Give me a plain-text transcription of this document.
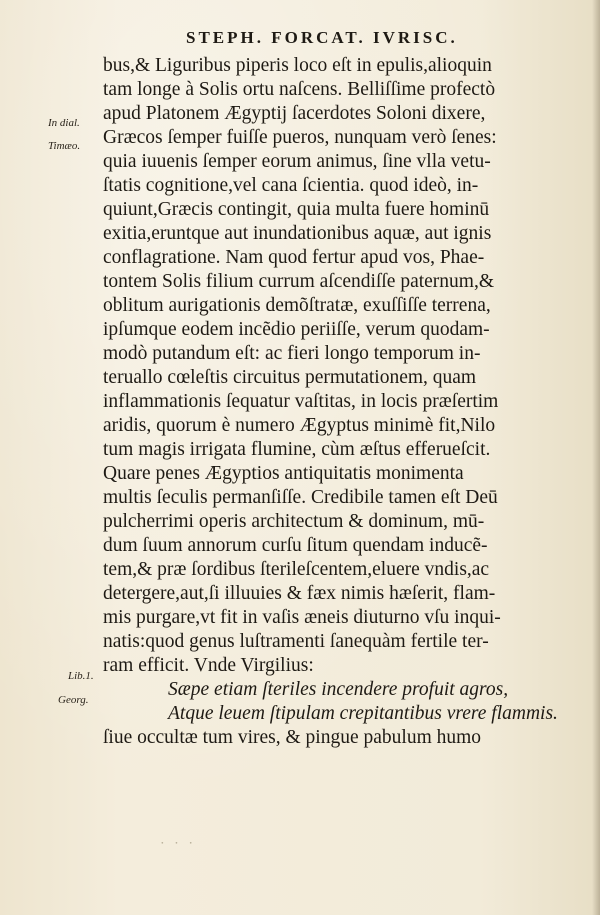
STEPH. FORCAT. IVRISC.
In dial.
Timæo.
Lib.1.
Georg.
bus,& Liguribus piperis loco eſt in epulis,alioquin
tam longe à Solis ortu naſcens. Belliſſime profectò
apud Platonem Ægyptij ſacerdotes Soloni dixere,
Græcos ſemper fuiſſe pueros, nunquam verò ſenes:
quia iuuenis ſemper eorum animus, ſine vlla vetu-
ſtatis cognitione,vel cana ſcientia. quod ideò, in-
quiunt,Græcis contingit, quia multa fuere hominū
exitia,eruntque aut inundationibus aquæ, aut ignis
conflagratione. Nam quod fertur apud vos, Phae-
tontem Solis filium currum aſcendiſſe paternum,&
oblitum aurigationis demõſtratæ, exuſſiſſe terrena,
ipſumque eodem incẽdio periiſſe, verum quodam-
modò putandum eſt: ac fieri longo temporum in-
teruallo cœleſtis circuitus permutationem, quam
inflammationis ſequatur vaſtitas, in locis præſertim
aridis, quorum è numero Ægyptus minimè fit,Nilo
tum magis irrigata flumine, cùm æſtus efferueſcit.
Quare penes Ægyptios antiquitatis monimenta
multis ſeculis permanſiſſe. Credibile tamen eſt Deū
pulcherrimi operis architectum & dominum, mū-
dum ſuum annorum curſu ſitum quendam inducẽ-
tem,& præ ſordibus ſterileſcentem,eluere vndis,ac
detergere,aut,ſi illuuies & fæx nimis hæſerit, flam-
mis purgare,vt fit in vaſis æneis diuturno vſu inqui-
natis:quod genus luſtramenti ſanequàm fertile ter-
ram efficit. Vnde Virgilius:
Sæpe etiam ſteriles incendere profuit agros,
Atque leuem ſtipulam crepitantibus vrere flammis.
ſiue occultæ tum vires, & pingue pabulum humo
· · ·
